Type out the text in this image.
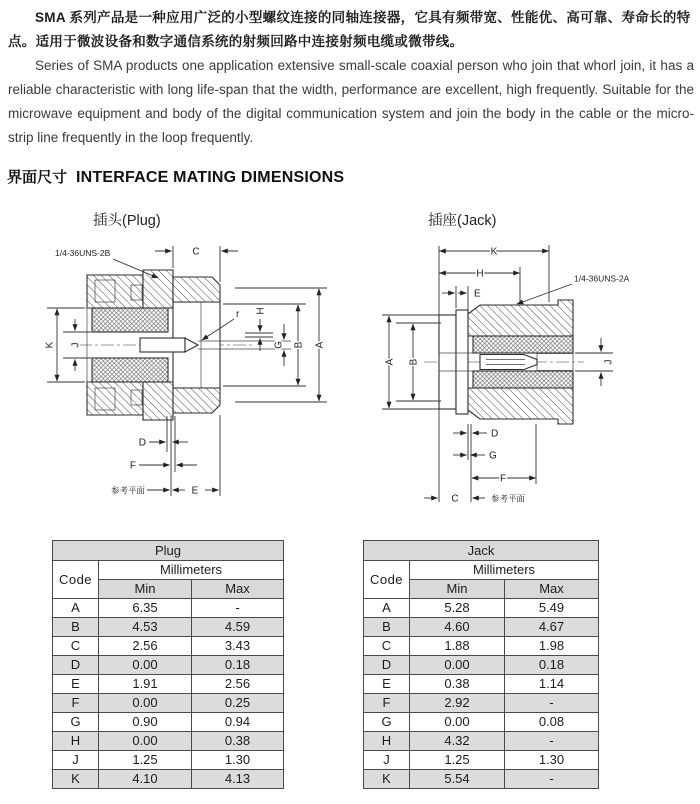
SMA 系列产品是一种应用广泛的小型螺纹连接的同轴连接器，它具有频带宽、性能优、高可靠、寿命长的特点。适用于微波设备和数字通信系统的射频回路中连接射频电缆或微带线。

Series of SMA products one application extensive small-scale coaxial person who join that whorl join, it has a reliable characteristic with long life-span that the width, performance are excellent, high frequently. Suitable for the microwave equipment and body of the digital communication system and join the body in the cable or the micro-strip line frequently in the loop frequently.

界面尺寸 INTERFACE MATING DIMENSIONS
插头(Plug)	插座(Jack)
1/4-36UNS-2B	C
K J
r H
G B A
D
F
参考平面	E
K
H
E
1/4-36UNS-2A
A B	J
D
G
F
C	参考平面
Plug		
Code	Millimeters	
	Min	Max
A	6.35	-
B	4.53	4.59
C	2.56	3.43
D	0.00	0.18
E	1.91	2.56
F	0.00	0.25
G	0.90	0.94
H	0.00	0.38
J	1.25	1.30
K	4.10	4.13
Jack		
Code	Millimeters	
	Min	Max
A	5.28	5.49
B	4.60	4.67
C	1.88	1.98
D	0.00	0.18
E	0.38	1.14
F	2.92	-
G	0.00	0.08
H	4.32	-
J	1.25	1.30
K	5.54	-
